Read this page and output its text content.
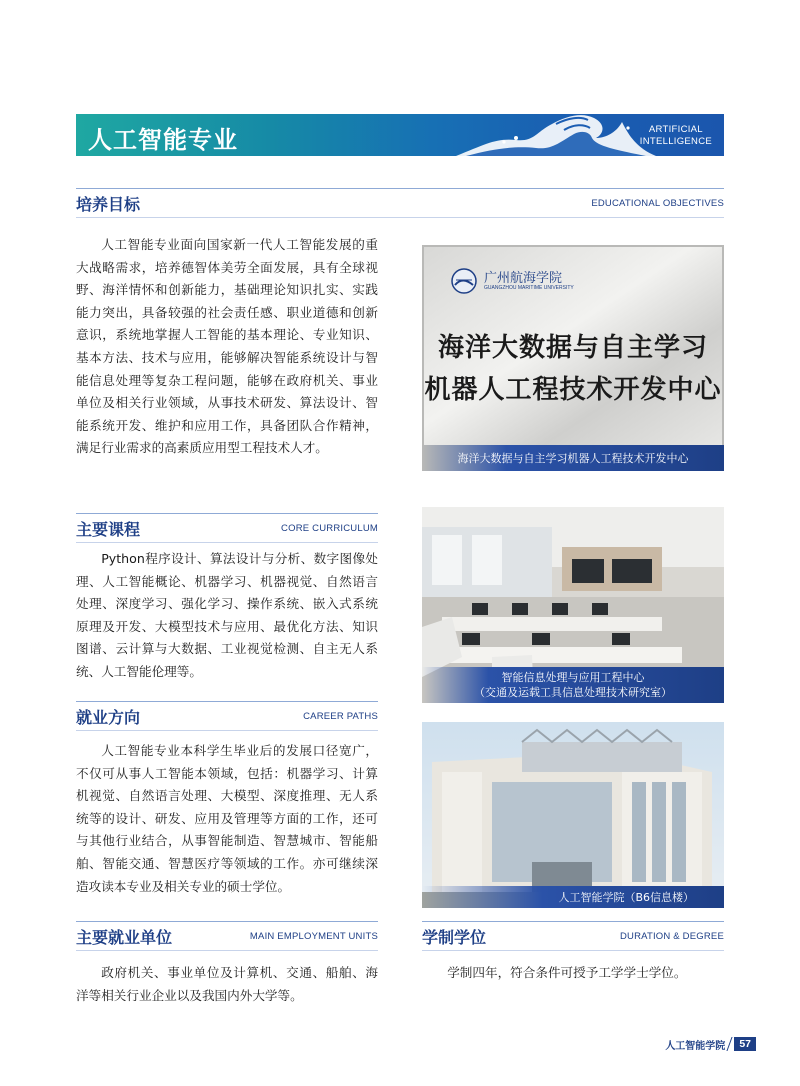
人工智能专业	ARTIFICIAL
INTELLIGENCE
培养目标	EDUCATIONAL OBJECTIVES
人工智能专业面向国家新一代人工智能发展的重大战略需求，培养德智体美劳全面发展，具有全球视野、海洋情怀和创新能力，基础理论知识扎实、实践能力突出，具备较强的社会责任感、职业道德和创新意识，系统地掌握人工智能的基本理论、专业知识、基本方法、技术与应用，能够解决智能系统设计与智能信息处理等复杂工程问题，能够在政府机关、事业单位及相关行业领域，从事技术研发、算法设计、智能系统开发、维护和应用工作，具备团队合作精神，满足行业需求的高素质应用型工程技术人才。
广州航海学院
GUANGZHOU MARITIME UNIVERSITY
海洋大数据与自主学习
机器人工程技术开发中心
海洋大数据与自主学习机器人工程技术开发中心
主要课程	CORE CURRICULUM
Python程序设计、算法设计与分析、数字图像处理、人工智能概论、机器学习、机器视觉、自然语言处理、深度学习、强化学习、操作系统、嵌入式系统原理及开发、大模型技术与应用、最优化方法、知识图谱、云计算与大数据、工业视觉检测、自主无人系统、人工智能伦理等。	智能信息处理与应用工程中心
（交通及运载工具信息处理技术研究室）
就业方向	CAREER PATHS
人工智能专业本科学生毕业后的发展口径宽广，不仅可从事人工智能本领域，包括：机器学习、计算机视觉、自然语言处理、大模型、深度推理、无人系统等的设计、研发、应用及管理等方面的工作，还可与其他行业结合，从事智能制造、智慧城市、智能船舶、智能交通、智慧医疗等领域的工作。亦可继续深造攻读本专业及相关专业的硕士学位。
人工智能学院（B6信息楼）
主要就业单位	MAIN EMPLOYMENT UNITS
政府机关、事业单位及计算机、交通、船舶、海洋等相关行业企业以及我国内外大学等。
学制学位	DURATION & DEGREE
学制四年，符合条件可授予工学学士学位。
人工智能学院	57
